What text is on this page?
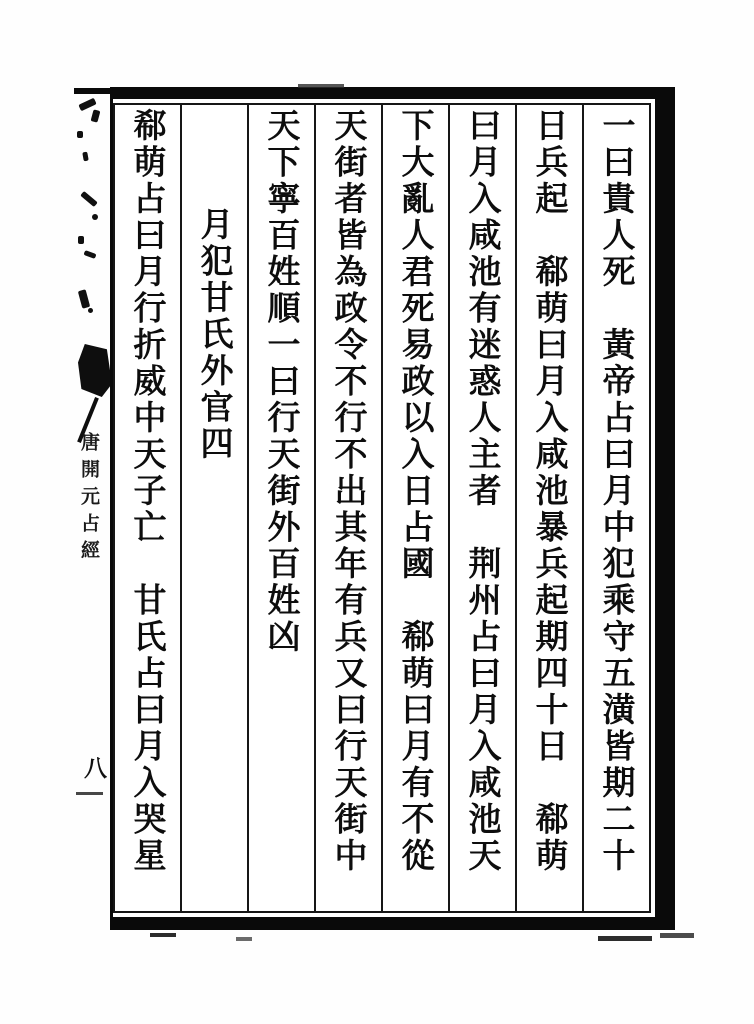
唐開元占經
八	一曰貴人死　黃帝占曰月中犯乘守五潢皆期二十
日兵起　郗萌曰月入咸池暴兵起期四十日　郗萌
曰月入咸池有迷惑人主者　荆州占曰月入咸池天
下大亂人君死易政以入日占國　郗萌曰月有不從
天街者皆為政令不行不出其年有兵又曰行天街中
天下寧百姓順一曰行天街外百姓凶
月犯甘氏外官四
郗萌占曰月行折威中天子亡　甘氏占曰月入哭星
